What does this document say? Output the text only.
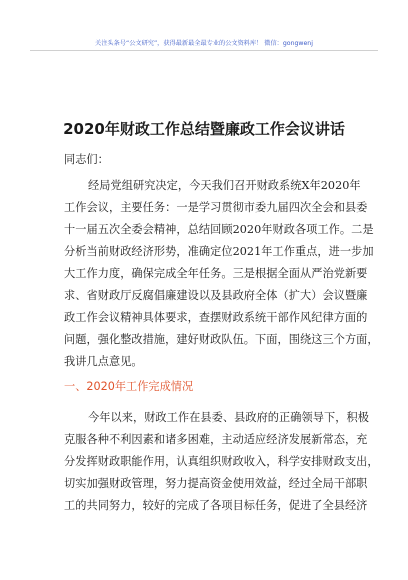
关注头条号“公文研究”，获得最新最全最专业的公文资料库！ 微信：gongwenj
2020年财政工作总结暨廉政工作会议讲话
同志们：
经局党组研究决定，今天我们召开财政系统X年2020年
工作会议，主要任务：一是学习贯彻市委九届四次全会和县委
十一届五次全委会精神，总结回顾2020年财政各项工作。二是
分析当前财政经济形势，准确定位2021年工作重点，进一步加
大工作力度，确保完成全年任务。三是根据全面从严治党新要
求、省财政厅反腐倡廉建设以及县政府全体（扩大）会议暨廉
政工作会议精神具体要求，查摆财政系统干部作风纪律方面的
问题，强化整改措施，建好财政队伍。下面，围绕这三个方面，
我讲几点意见。
一、2020年工作完成情况
今年以来，财政工作在县委、县政府的正确领导下，积极
克服各种不利因素和诸多困难，主动适应经济发展新常态，充
分发挥财政职能作用，认真组织财政收入，科学安排财政支出，
切实加强财政管理，努力提高资金使用效益，经过全局干部职
工的共同努力，较好的完成了各项目标任务，促进了全县经济
